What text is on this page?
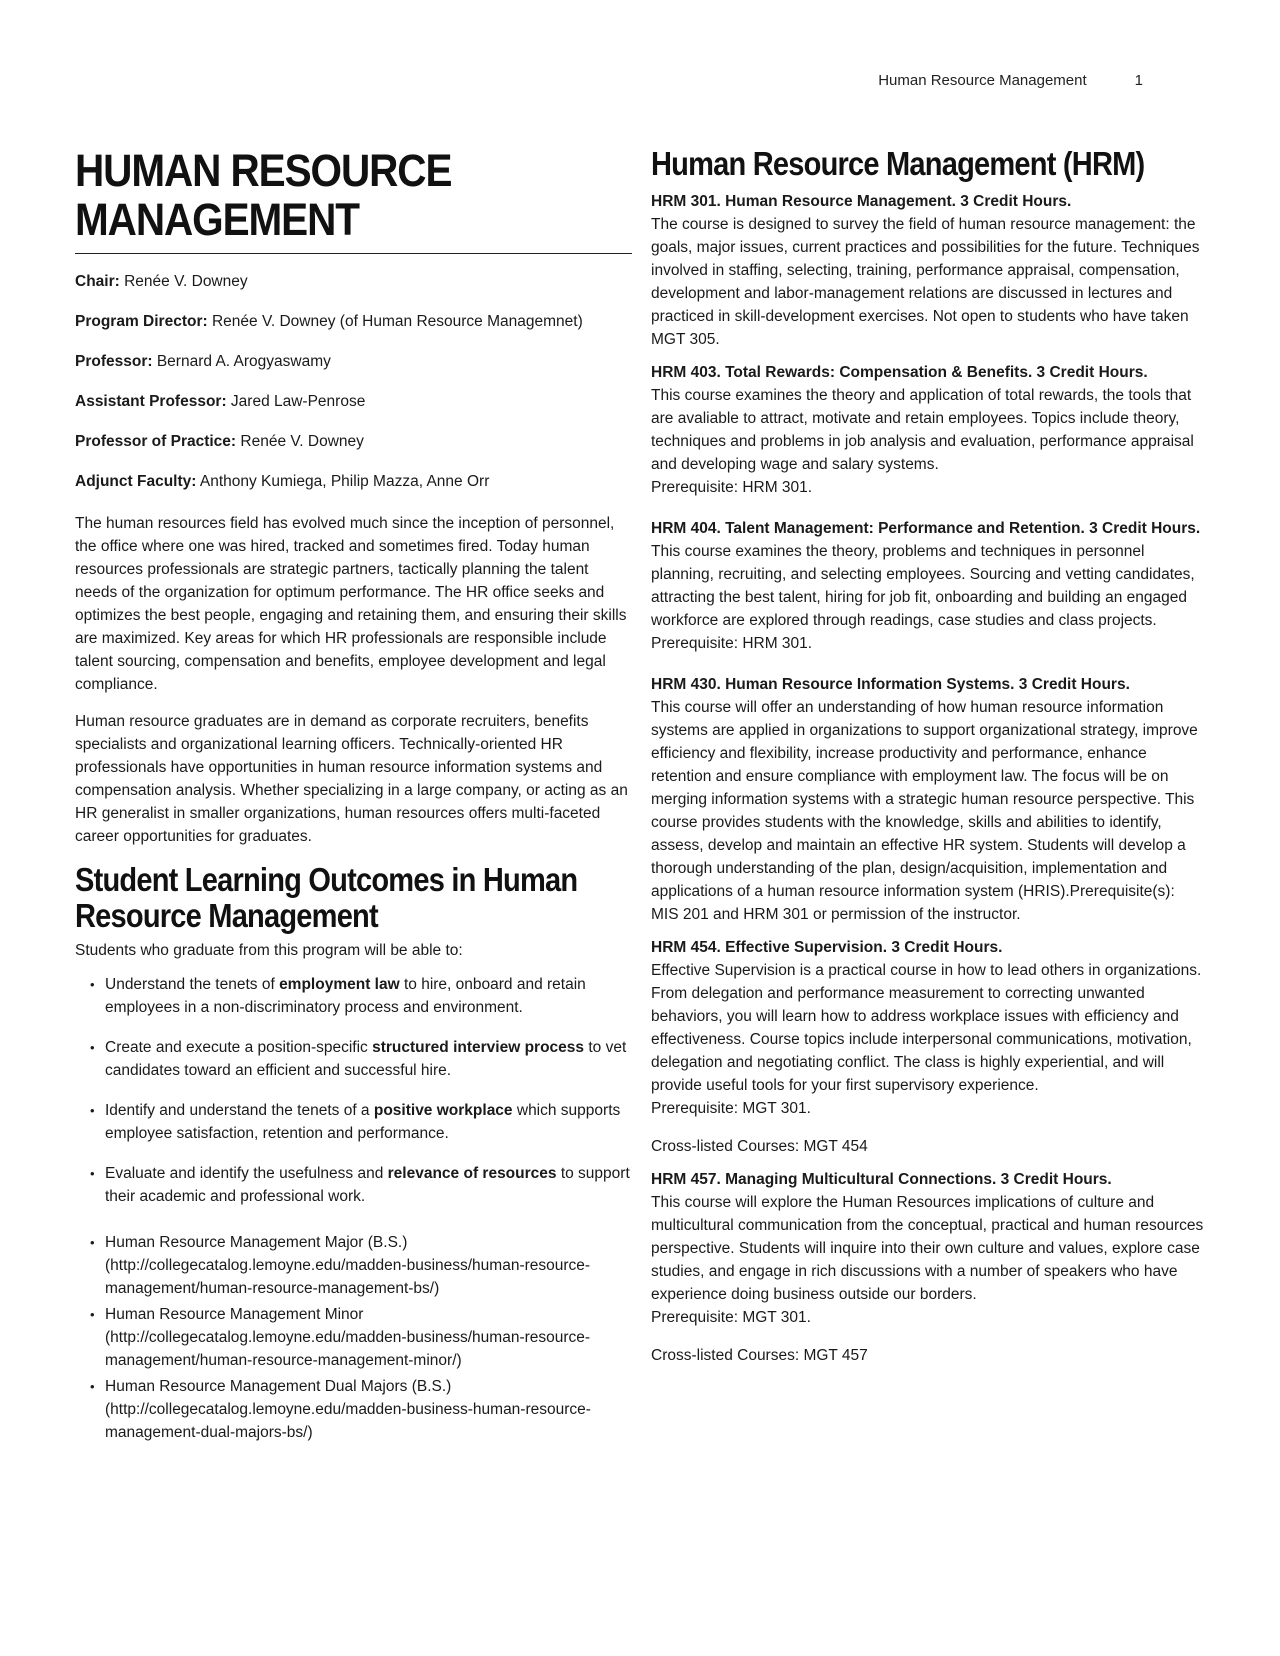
Human Resource Management	1
HUMAN RESOURCE
MANAGEMENT

Chair: Renée V. Downey

Program Director: Renée V. Downey (of Human Resource Managemnet)

Professor: Bernard A. Arogyaswamy

Assistant Professor: Jared Law-Penrose

Professor of Practice: Renée V. Downey

Adjunct Faculty: Anthony Kumiega, Philip Mazza, Anne Orr

The human resources field has evolved much since the inception of personnel, the office where one was hired, tracked and sometimes fired. Today human resources professionals are strategic partners, tactically planning the talent needs of the organization for optimum performance. The HR office seeks and optimizes the best people, engaging and retaining them, and ensuring their skills are maximized. Key areas for which HR professionals are responsible include talent sourcing, compensation and benefits, employee development and legal compliance.

Human resource graduates are in demand as corporate recruiters, benefits specialists and organizational learning officers. Technically-oriented HR professionals have opportunities in human resource information systems and compensation analysis. Whether specializing in a large company, or acting as an HR generalist in smaller organizations, human resources offers multi-faceted career opportunities for graduates.

Student Learning Outcomes in Human Resource Management

Students who graduate from this program will be able to:

• Understand the tenets of employment law to hire, onboard and retain employees in a non-discriminatory process and environment.
• Create and execute a position-specific structured interview process to vet candidates toward an efficient and successful hire.
• Identify and understand the tenets of a positive workplace which supports employee satisfaction, retention and performance.
• Evaluate and identify the usefulness and relevance of resources to support their academic and professional work.
• Human Resource Management Major (B.S.) (http://collegecatalog.lemoyne.edu/madden-business/human-resource-management/human-resource-management-bs/)
• Human Resource Management Minor (http://collegecatalog.lemoyne.edu/madden-business/human-resource-management/human-resource-management-minor/)
• Human Resource Management Dual Majors (B.S.) (http://collegecatalog.lemoyne.edu/madden-business-human-resource-management-dual-majors-bs/)
Human Resource Management (HRM)
HRM 301. Human Resource Management. 3 Credit Hours.
The course is designed to survey the field of human resource management: the goals, major issues, current practices and possibilities for the future. Techniques involved in staffing, selecting, training, performance appraisal, compensation, development and labor-management relations are discussed in lectures and practiced in skill-development exercises. Not open to students who have taken MGT 305.
HRM 403. Total Rewards: Compensation & Benefits. 3 Credit Hours.
This course examines the theory and application of total rewards, the tools that are avaliable to attract, motivate and retain employees. Topics include theory, techniques and problems in job analysis and evaluation, performance appraisal and developing wage and salary systems.
Prerequisite: HRM 301.
HRM 404. Talent Management: Performance and Retention. 3 Credit Hours.
This course examines the theory, problems and techniques in personnel planning, recruiting, and selecting employees. Sourcing and vetting candidates, attracting the best talent, hiring for job fit, onboarding and building an engaged workforce are explored through readings, case studies and class projects.
Prerequisite: HRM 301.
HRM 430. Human Resource Information Systems. 3 Credit Hours.
This course will offer an understanding of how human resource information systems are applied in organizations to support organizational strategy, improve efficiency and flexibility, increase productivity and performance, enhance retention and ensure compliance with employment law. The focus will be on merging information systems with a strategic human resource perspective. This course provides students with the knowledge, skills and abilities to identify, assess, develop and maintain an effective HR system. Students will develop a thorough understanding of the plan, design/acquisition, implementation and applications of a human resource information system (HRIS).Prerequisite(s): MIS 201 and HRM 301 or permission of the instructor.
HRM 454. Effective Supervision. 3 Credit Hours.
Effective Supervision is a practical course in how to lead others in organizations. From delegation and performance measurement to correcting unwanted behaviors, you will learn how to address workplace issues with efficiency and effectiveness. Course topics include interpersonal communications, motivation, delegation and negotiating conflict. The class is highly experiential, and will provide useful tools for your first supervisory experience.
Prerequisite: MGT 301.
Cross-listed Courses: MGT 454
HRM 457. Managing Multicultural Connections. 3 Credit Hours.
This course will explore the Human Resources implications of culture and multicultural communication from the conceptual, practical and human resources perspective. Students will inquire into their own culture and values, explore case studies, and engage in rich discussions with a number of speakers who have experience doing business outside our borders.
Prerequisite: MGT 301.
Cross-listed Courses: MGT 457
